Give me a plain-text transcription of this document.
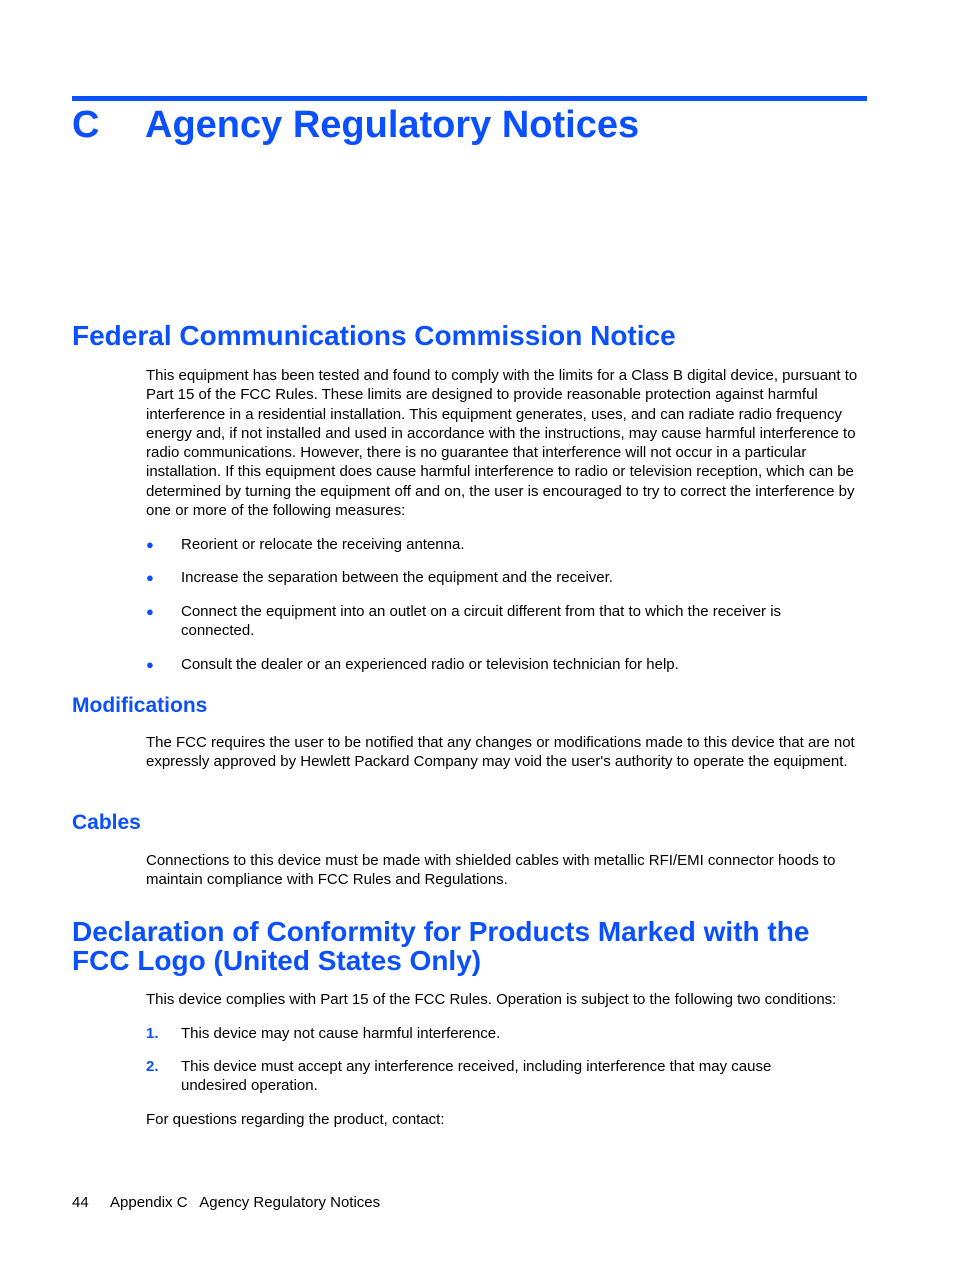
C Agency Regulatory Notices
Federal Communications Commission Notice

This equipment has been tested and found to comply with the limits for a Class B digital device, pursuant to Part 15 of the FCC Rules. These limits are designed to provide reasonable protection against harmful interference in a residential installation. This equipment generates, uses, and can radiate radio frequency energy and, if not installed and used in accordance with the instructions, may cause harmful interference to radio communications. However, there is no guarantee that interference will not occur in a particular installation. If this equipment does cause harmful interference to radio or television reception, which can be determined by turning the equipment off and on, the user is encouraged to try to correct the interference by one or more of the following measures:

● Reorient or relocate the receiving antenna.
● Increase the separation between the equipment and the receiver.
● Connect the equipment into an outlet on a circuit different from that to which the receiver is connected.
● Consult the dealer or an experienced radio or television technician for help.
Modifications

The FCC requires the user to be notified that any changes or modifications made to this device that are not expressly approved by Hewlett Packard Company may void the user's authority to operate the equipment.

Cables

Connections to this device must be made with shielded cables with metallic RFI/EMI connector hoods to maintain compliance with FCC Rules and Regulations.

Declaration of Conformity for Products Marked with the
FCC Logo (United States Only)

This device complies with Part 15 of the FCC Rules. Operation is subject to the following two conditions:

1. This device may not cause harmful interference.
2. This device must accept any interference received, including interference that may cause undesired operation.

For questions regarding the product, contact:

44 Appendix C   Agency Regulatory Notices
